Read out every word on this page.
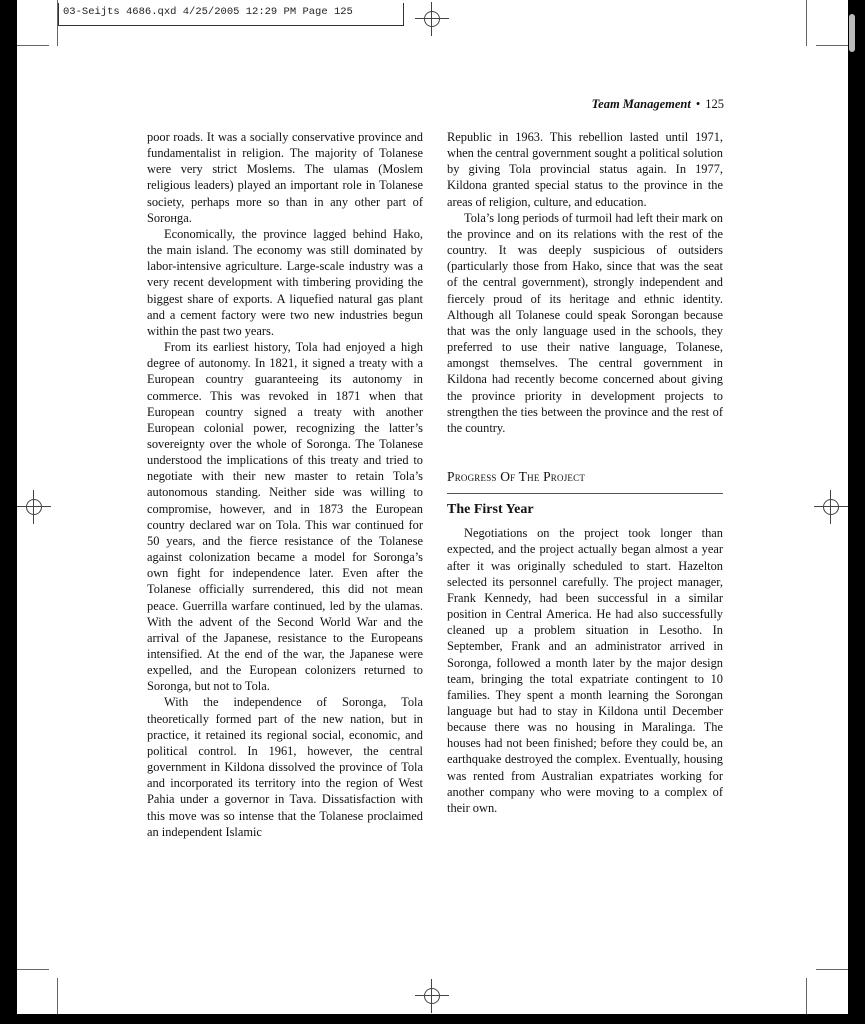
03-Seijts 4686.qxd 4/25/2005 12:29 PM Page 125
Team Management • 125

poor roads. It was a socially conservative province and fundamentalist in religion. The majority of Tolanese were very strict Moslems. The ulamas (Moslem religious leaders) played an important role in Tolanese society, perhaps more so than in any other part of Sorонga.

Economically, the province lagged behind Hako, the main island. The economy was still dominated by labor-intensive agriculture. Large-scale industry was a very recent development with timbering providing the biggest share of exports. A liquefied natural gas plant and a cement factory were two new industries begun within the past two years.

From its earliest history, Tola had enjoyed a high degree of autonomy. In 1821, it signed a treaty with a European country guaranteeing its autonomy in commerce. This was revoked in 1871 when that European country signed a treaty with another European colonial power, recognizing the latter’s sovereignty over the whole of Soronga. The Tolanese understood the implications of this treaty and tried to negotiate with their new master to retain Tola’s autonomous standing. Neither side was willing to compromise, however, and in 1873 the European country declared war on Tola. This war continued for 50 years, and the fierce resistance of the Tolanese against colonization became a model for Soronga’s own fight for independence later. Even after the Tolanese officially surrendered, this did not mean peace. Guerrilla warfare continued, led by the ulamas. With the advent of the Second World War and the arrival of the Japanese, resistance to the Europeans intensified. At the end of the war, the Japanese were expelled, and the European colonizers returned to Soronga, but not to Tola.

With the independence of Soronga, Tola theoretically formed part of the new nation, but in practice, it retained its regional social, economic, and political control. In 1961, however, the central government in Kildona dissolved the province of Tola and incorporated its territory into the region of West Pahia under a governor in Tava. Dissatisfaction with this move was so intense that the Tolanese proclaimed an independent Islamic

Republic in 1963. This rebellion lasted until 1971, when the central government sought a political solution by giving Tola provincial status again. In 1977, Kildona granted special status to the province in the areas of religion, culture, and education.

Tola’s long periods of turmoil had left their mark on the province and on its relations with the rest of the country. It was deeply suspicious of outsiders (particularly those from Hako, since that was the seat of the central government), strongly independent and fiercely proud of its heritage and ethnic identity. Although all Tolanese could speak Sorongan because that was the only language used in the schools, they preferred to use their native language, Tolanese, amongst themselves. The central government in Kildona had recently become concerned about giving the province priority in development projects to strengthen the ties between the province and the rest of the country.

Progress Of The Project
The First Year

Negotiations on the project took longer than expected, and the project actually began almost a year after it was originally scheduled to start. Hazelton selected its personnel carefully. The project manager, Frank Kennedy, had been successful in a similar position in Central America. He had also successfully cleaned up a problem situation in Lesotho. In September, Frank and an administrator arrived in Soronga, followed a month later by the major design team, bringing the total expatriate contingent to 10 families. They spent a month learning the Sorongan language but had to stay in Kildona until December because there was no housing in Maralinga. The houses had not been finished; before they could be, an earthquake destroyed the complex. Eventually, housing was rented from Australian expatriates working for another company who were moving to a complex of their own.
